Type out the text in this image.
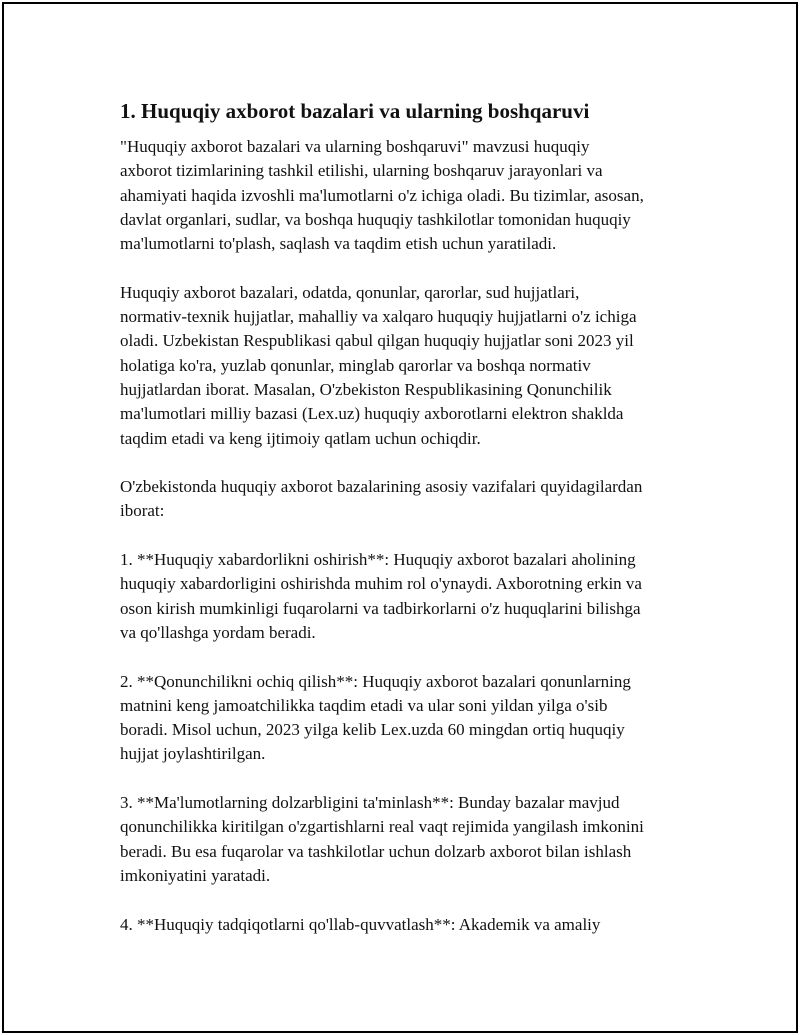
1. Huquqiy axborot bazalari va ularning boshqaruvi

"Huquqiy axborot bazalari va ularning boshqaruvi" mavzusi huquqiy
axborot tizimlarining tashkil etilishi, ularning boshqaruv jarayonlari va
ahamiyati haqida izvoshli ma'lumotlarni o'z ichiga oladi. Bu tizimlar, asosan,
davlat organlari, sudlar, va boshqa huquqiy tashkilotlar tomonidan huquqiy
ma'lumotlarni to'plash, saqlash va taqdim etish uchun yaratiladi.

Huquqiy axborot bazalari, odatda, qonunlar, qarorlar, sud hujjatlari,
normativ-texnik hujjatlar, mahalliy va xalqaro huquqiy hujjatlarni o'z ichiga
oladi. Uzbekistan Respublikasi qabul qilgan huquqiy hujjatlar soni 2023 yil
holatiga ko'ra, yuzlab qonunlar, minglab qarorlar va boshqa normativ
hujjatlardan iborat. Masalan, O'zbekiston Respublikasining Qonunchilik
ma'lumotlari milliy bazasi (Lex.uz) huquqiy axborotlarni elektron shaklda
taqdim etadi va keng ijtimoiy qatlam uchun ochiqdir.

O'zbekistonda huquqiy axborot bazalarining asosiy vazifalari quyidagilardan
iborat:

1. **Huquqiy xabardorlikni oshirish**: Huquqiy axborot bazalari aholining
huquqiy xabardorligini oshirishda muhim rol o'ynaydi. Axborotning erkin va
oson kirish mumkinligi fuqarolarni va tadbirkorlarni o'z huquqlarini bilishga
va qo'llashga yordam beradi.

2. **Qonunchilikni ochiq qilish**: Huquqiy axborot bazalari qonunlarning
matnini keng jamoatchilikka taqdim etadi va ular soni yildan yilga o'sib
boradi. Misol uchun, 2023 yilga kelib Lex.uzda 60 mingdan ortiq huquqiy
hujjat joylashtirilgan.

3. **Ma'lumotlarning dolzarbligini ta'minlash**: Bunday bazalar mavjud
qonunchilikka kiritilgan o'zgartishlarni real vaqt rejimida yangilash imkonini
beradi. Bu esa fuqarolar va tashkilotlar uchun dolzarb axborot bilan ishlash
imkoniyatini yaratadi.

4. **Huquqiy tadqiqotlarni qo'llab-quvvatlash**: Akademik va amaliy
